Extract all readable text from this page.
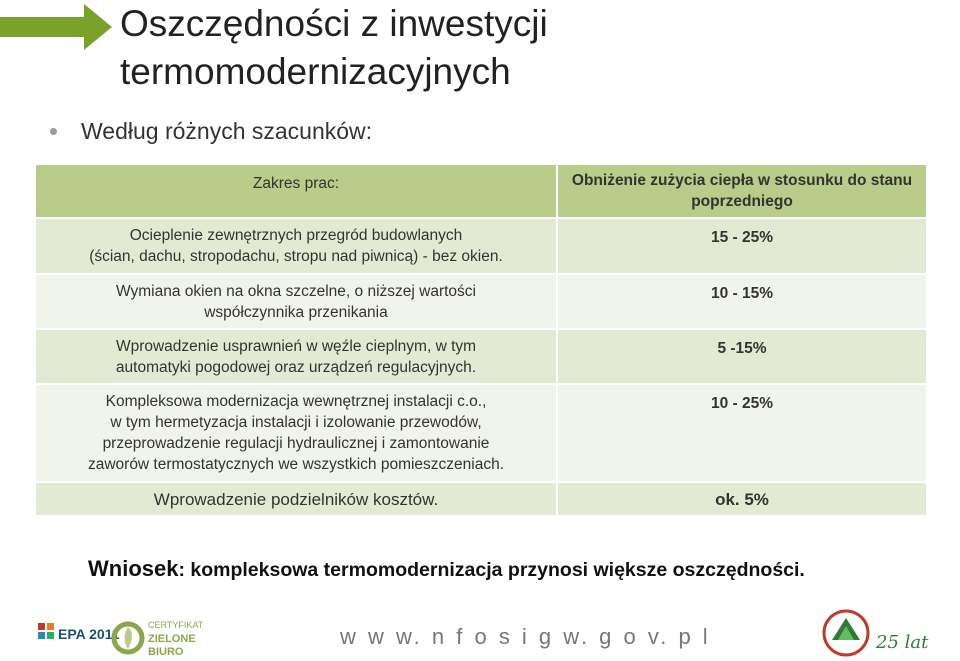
Oszczędności z inwestycji termomodernizacyjnych
Według różnych szacunków:
Zakres prac:	Obniżenie zużycia ciepła w stosunku do stanu poprzedniego
Ocieplenie zewnętrznych przegród budowlanych
(ścian, dachu, stropodachu, stropu nad piwnicą) - bez okien.	15 - 25%
Wymiana okien na okna szczelne, o niższej wartości
współczynnika przenikania	10 - 15%
Wprowadzenie usprawnień w węźle cieplnym, w tym
automatyki pogodowej oraz urządzeń regulacyjnych.	5 -15%
Kompleksowa modernizacja wewnętrznej instalacji c.o.,
w tym hermetyzacja instalacji i izolowanie przewodów,
przeprowadzenie regulacji hydraulicznej i zamontowanie
zaworów termostatycznych we wszystkich pomieszczeniach.	10 - 25%
Wprowadzenie podzielników kosztów.	ok. 5%
Wniosek: kompleksowa termomodernizacja przynosi większe oszczędności.
EPA 2011
CERTYFIKAT
ZIELONE
BIURO
w w w. n f o s i g w. g o v. p l	25 lat
